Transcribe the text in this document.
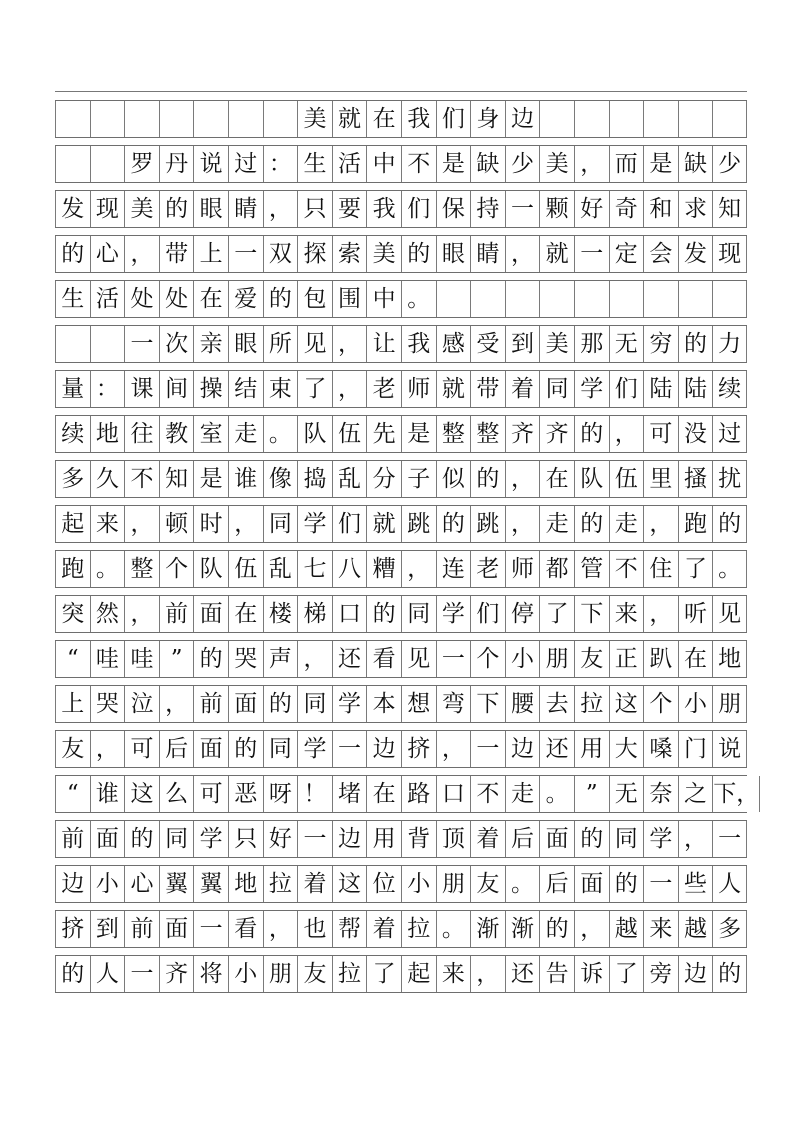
美 就 在 我 们 身 边
罗 丹 说 过 ： 生 活 中 不 是 缺 少 美 ， 而 是 缺 少
发 现 美 的 眼 睛 ， 只 要 我 们 保 持 一 颗 好 奇 和 求 知
的 心 ， 带 上 一 双 探 索 美 的 眼 睛 ， 就 一 定 会 发 现
生 活 处 处 在 爱 的 包 围 中 。
一 次 亲 眼 所 见 ， 让 我 感 受 到 美 那 无 穷 的 力
量 ： 课 间 操 结 束 了 ， 老 师 就 带 着 同 学 们 陆 陆 续
续 地 往 教 室 走 。 队 伍 先 是 整 整 齐 齐 的 ， 可 没 过
多 久 不 知 是 谁 像 捣 乱 分 子 似 的 ， 在 队 伍 里 搔 扰
起 来 ， 顿 时 ， 同 学 们 就 跳 的 跳 ， 走 的 走 ， 跑 的
跑 。 整 个 队 伍 乱 七 八 糟 ， 连 老 师 都 管 不 住 了 。
突 然 ， 前 面 在 楼 梯 口 的 同 学 们 停 了 下 来 ， 听 见
“ 哇 哇 ” 的 哭 声 ， 还 看 见 一 个 小 朋 友 正 趴 在 地
上 哭 泣 ， 前 面 的 同 学 本 想 弯 下 腰 去 拉 这 个 小 朋
友 ， 可 后 面 的 同 学 一 边 挤 ， 一 边 还 用 大 嗓 门 说
“ 谁 这 么 可 恶 呀 ！ 堵 在 路 口 不 走 。 ” 无 奈 之 下，
前 面 的 同 学 只 好 一 边 用 背 顶 着 后 面 的 同 学 ， 一
边 小 心 翼 翼 地 拉 着 这 位 小 朋 友 。 后 面 的 一 些 人
挤 到 前 面 一 看 ， 也 帮 着 拉 。 渐 渐 的 ， 越 来 越 多
的 人 一 齐 将 小 朋 友 拉 了 起 来 ， 还 告 诉 了 旁 边 的
